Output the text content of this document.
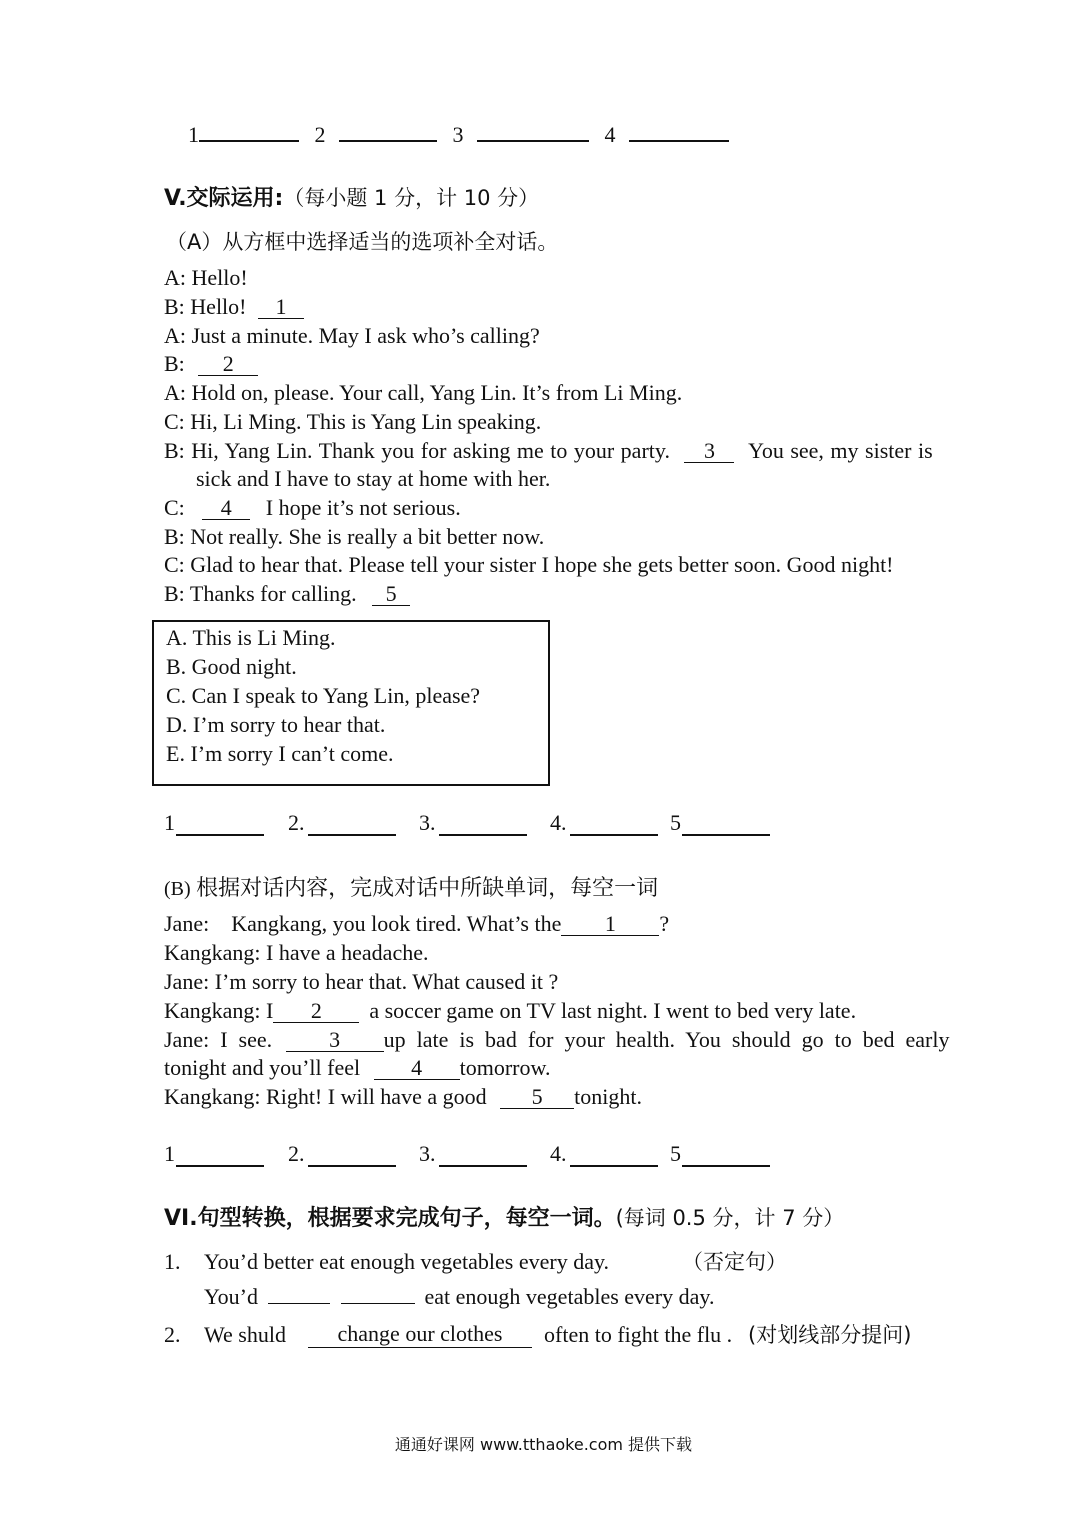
1	2	3	4
V.交际运用:（每小题 1 分，计 10 分）
（A）从方框中选择适当的选项补全对话。
A: Hello!
B: Hello! 1
A: Just a minute. May I ask who’s calling?
B: 2
A: Hold on, please. Your call, Yang Lin. It’s from Li Ming.
C: Hi, Li Ming. This is Yang Lin speaking.
B: Hi, Yang Lin. Thank you for asking me to your party. 3 You see, my sister is
sick and I have to stay at home with her.
C: 4 I hope it’s not serious.
B: Not really. She is really a bit better now.
C: Glad to hear that. Please tell your sister I hope she gets better soon. Good night!
B: Thanks for calling. 5
A. This is Li Ming.
B. Good night.
C. Can I speak to Yang Lin, please?
D. I’m sorry to hear that.
E. I’m sorry I can’t come.
1	2.	3.	4.	5
(B) 根据对话内容，完成对话中所缺单词，每空一词
Jane:    Kangkang, you look tired. What’s the 1 ?
Kangkang: I have a headache.
Jane: I’m sorry to hear that. What caused it ?
Kangkang: I 2 a soccer game on TV last night. I went to bed very late.
Jane:  I  see.	3 up  late  is  bad  for  your  health.  You  should  go  to  bed  early
tonight and you’ll feel 4 tomorrow.
Kangkang: Right! I will have a good 5 tonight.
1	2.	3.	4.	5
VI.句型转换，根据要求完成句子，每空一词。(每词 0.5 分，计 7 分）
1. You’d better eat enough vegetables every day.	（否定句）
You’d	eat enough vegetables every day.
2. We shuld	change our clothes	often to fight the flu . (对划线部分提问)
通通好课网 www.tthaoke.com 提供下载
